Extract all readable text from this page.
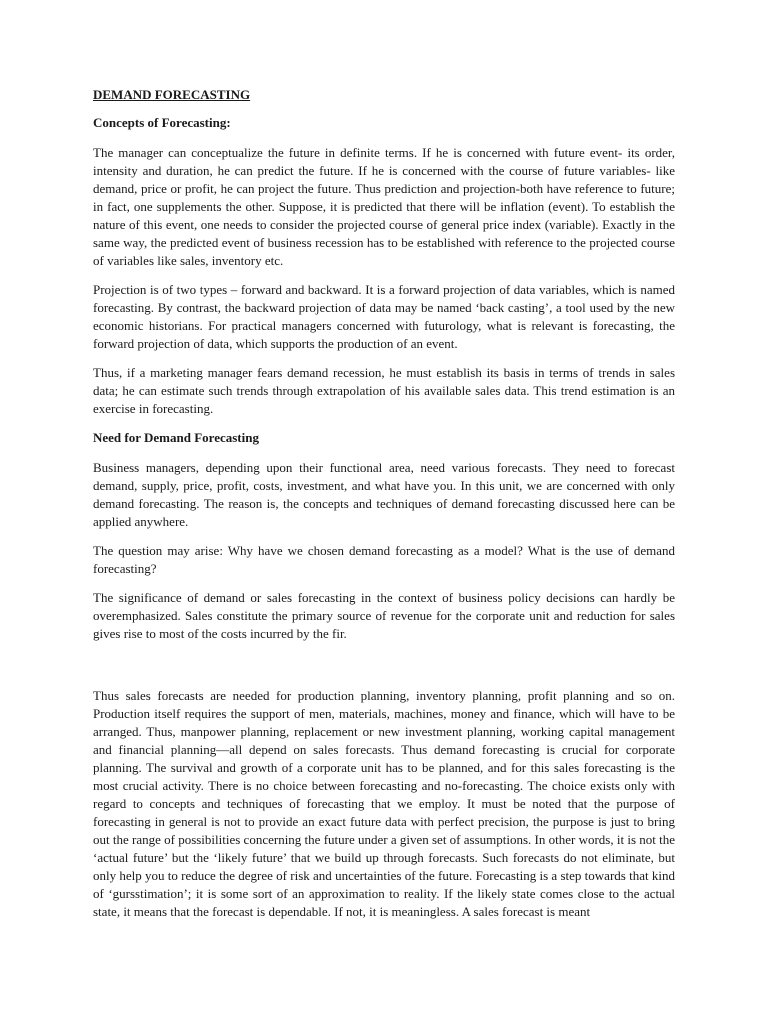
DEMAND FORECASTING
Concepts of Forecasting:

The manager can conceptualize the future in definite terms. If he is concerned with future event- its order, intensity and duration, he can predict the future. If he is concerned with the course of future variables- like demand, price or profit, he can project the future. Thus prediction and projection-both have reference to future; in fact, one supplements the other. Suppose, it is predicted that there will be inflation (event). To establish the nature of this event, one needs to consider the projected course of general price index (variable). Exactly in the same way, the predicted event of business recession has to be established with reference to the projected course of variables like sales, inventory etc.

Projection is of two types – forward and backward. It is a forward projection of data variables, which is named forecasting. By contrast, the backward projection of data may be named ‘back casting’, a tool used by the new economic historians. For practical managers concerned with futurology, what is relevant is forecasting, the forward projection of data, which supports the production of an event.

Thus, if a marketing manager fears demand recession, he must establish its basis in terms of trends in sales data; he can estimate such trends through extrapolation of his available sales data. This trend estimation is an exercise in forecasting.

Need for Demand Forecasting

Business managers, depending upon their functional area, need various forecasts. They need to forecast demand, supply, price, profit, costs, investment, and what have you. In this unit, we are concerned with only demand forecasting. The reason is, the concepts and techniques of demand forecasting discussed here can be applied anywhere.

The question may arise: Why have we chosen demand forecasting as a model? What is the use of demand forecasting?

The significance of demand or sales forecasting in the context of business policy decisions can hardly be overemphasized. Sales constitute the primary source of revenue for the corporate unit and reduction for sales gives rise to most of the costs incurred by the fir.

Thus sales forecasts are needed for production planning, inventory planning, profit planning and so on. Production itself requires the support of men, materials, machines, money and finance, which will have to be arranged. Thus, manpower planning, replacement or new investment planning, working capital management and financial planning—all depend on sales forecasts. Thus demand forecasting is crucial for corporate planning. The survival and growth of a corporate unit has to be planned, and for this sales forecasting is the most crucial activity. There is no choice between forecasting and no-forecasting. The choice exists only with regard to concepts and techniques of forecasting that we employ. It must be noted that the purpose of forecasting in general is not to provide an exact future data with perfect precision, the purpose is just to bring out the range of possibilities concerning the future under a given set of assumptions. In other words, it is not the ‘actual future’ but the ‘likely future’ that we build up through forecasts. Such forecasts do not eliminate, but only help you to reduce the degree of risk and uncertainties of the future. Forecasting is a step towards that kind of ‘gursstimation’; it is some sort of an approximation to reality. If the likely state comes close to the actual state, it means that the forecast is dependable. If not, it is meaningless. A sales forecast is meant
